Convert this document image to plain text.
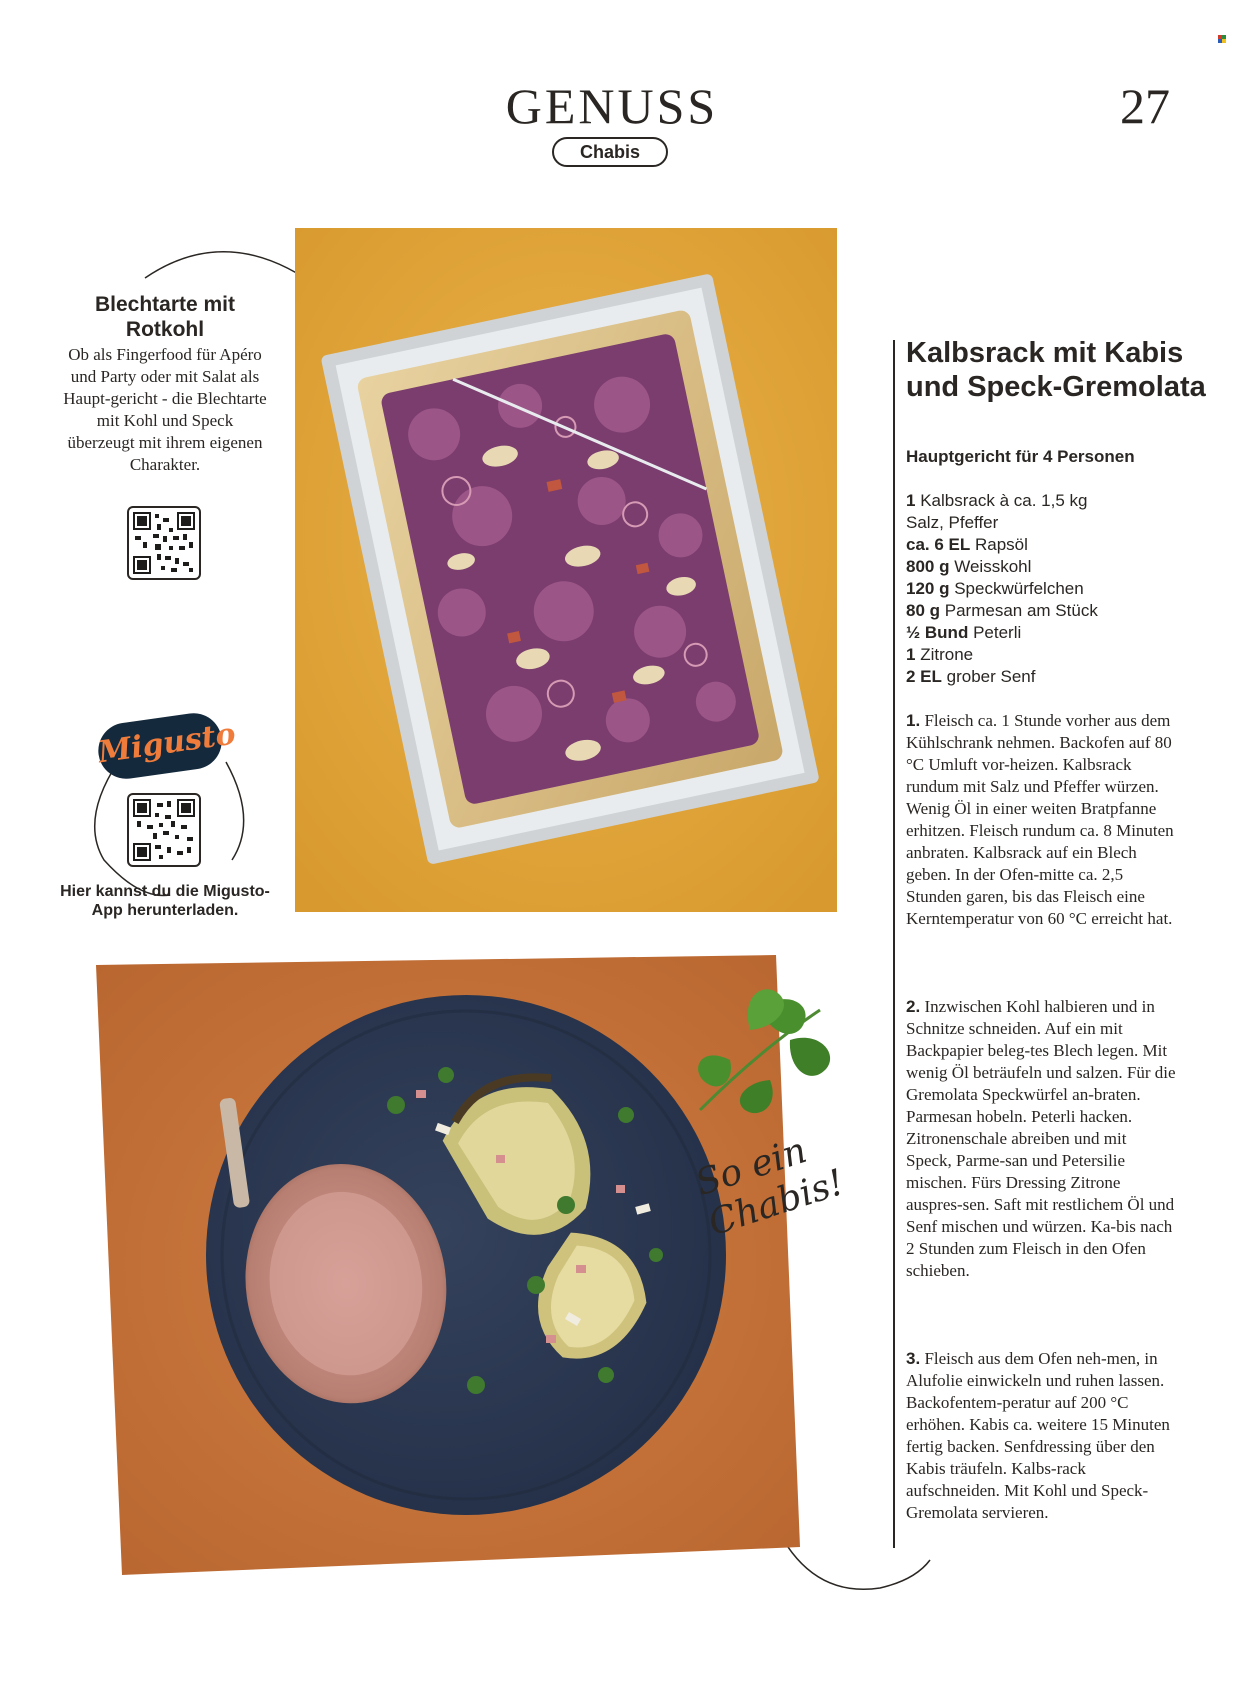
GENUSS	27
Chabis
Blechtarte mit Rotkohl
Ob als Fingerfood für Apéro und Party oder mit Salat als Haupt-gericht - die Blechtarte mit Kohl und Speck überzeugt mit ihrem eigenen Charakter.
Migusto
Hier kannst du die Migusto-App herunterladen.
So ein Chabis!
Kalbsrack mit Kabis und Speck-Gremolata
Hauptgericht für 4 Personen
1 Kalbsrack à ca. 1,5 kg
Salz, Pfeffer
ca. 6 EL Rapsöl
800 g Weisskohl
120 g Speckwürfelchen
80 g Parmesan am Stück
½ Bund Peterli
1 Zitrone
2 EL grober Senf
1. Fleisch ca. 1 Stunde vorher aus dem Kühlschrank nehmen. Backofen auf 80 °C Umluft vor-heizen. Kalbsrack rundum mit Salz und Pfeffer würzen. Wenig Öl in einer weiten Bratpfanne erhitzen. Fleisch rundum ca. 8 Minuten anbraten. Kalbsrack auf ein Blech geben. In der Ofen-mitte ca. 2,5 Stunden garen, bis das Fleisch eine Kerntemperatur von 60 °C erreicht hat.
2. Inzwischen Kohl halbieren und in Schnitze schneiden. Auf ein mit Backpapier beleg-tes Blech legen. Mit wenig Öl beträufeln und salzen. Für die Gremolata Speckwürfel an-braten. Parmesan hobeln. Peterli hacken. Zitronenschale abreiben und mit Speck, Parme-san und Petersilie mischen. Fürs Dressing Zitrone auspres-sen. Saft mit restlichem Öl und Senf mischen und würzen. Ka-bis nach 2 Stunden zum Fleisch in den Ofen schieben.
3. Fleisch aus dem Ofen neh-men, in Alufolie einwickeln und ruhen lassen. Backofentem-peratur auf 200 °C erhöhen. Kabis ca. weitere 15 Minuten fertig backen. Senfdressing über den Kabis träufeln. Kalbs-rack aufschneiden. Mit Kohl und Speck-Gremolata servieren.
